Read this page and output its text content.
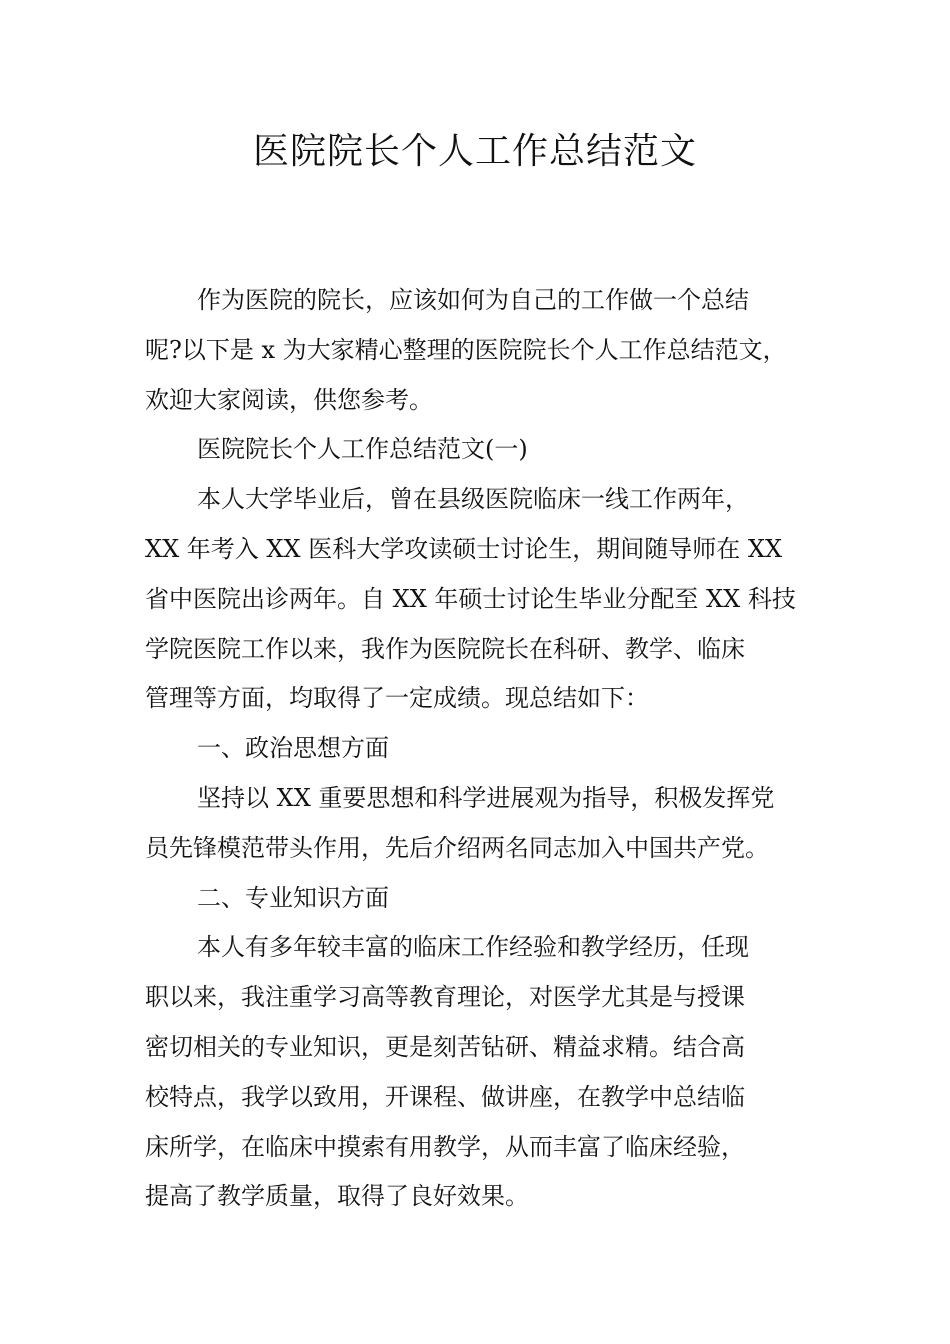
医院院长个人工作总结范文
作为医院的院长，应该如何为自己的工作做一个总结
呢?以下是 x 为大家精心整理的医院院长个人工作总结范文，
欢迎大家阅读，供您参考。
医院院长个人工作总结范文(一)
本人大学毕业后，曾在县级医院临床一线工作两年，
XX 年考入 XX 医科大学攻读硕士讨论生，期间随导师在 XX
省中医院出诊两年。自 XX 年硕士讨论生毕业分配至 XX 科技
学院医院工作以来，我作为医院院长在科研、教学、临床
管理等方面，均取得了一定成绩。现总结如下：
一、政治思想方面
坚持以 XX 重要思想和科学进展观为指导，积极发挥党
员先锋模范带头作用，先后介绍两名同志加入中国共产党。
二、专业知识方面
本人有多年较丰富的临床工作经验和教学经历，任现
职以来，我注重学习高等教育理论，对医学尤其是与授课
密切相关的专业知识，更是刻苦钻研、精益求精。结合高
校特点，我学以致用，开课程、做讲座，在教学中总结临
床所学，在临床中摸索有用教学，从而丰富了临床经验，
提高了教学质量，取得了良好效果。
